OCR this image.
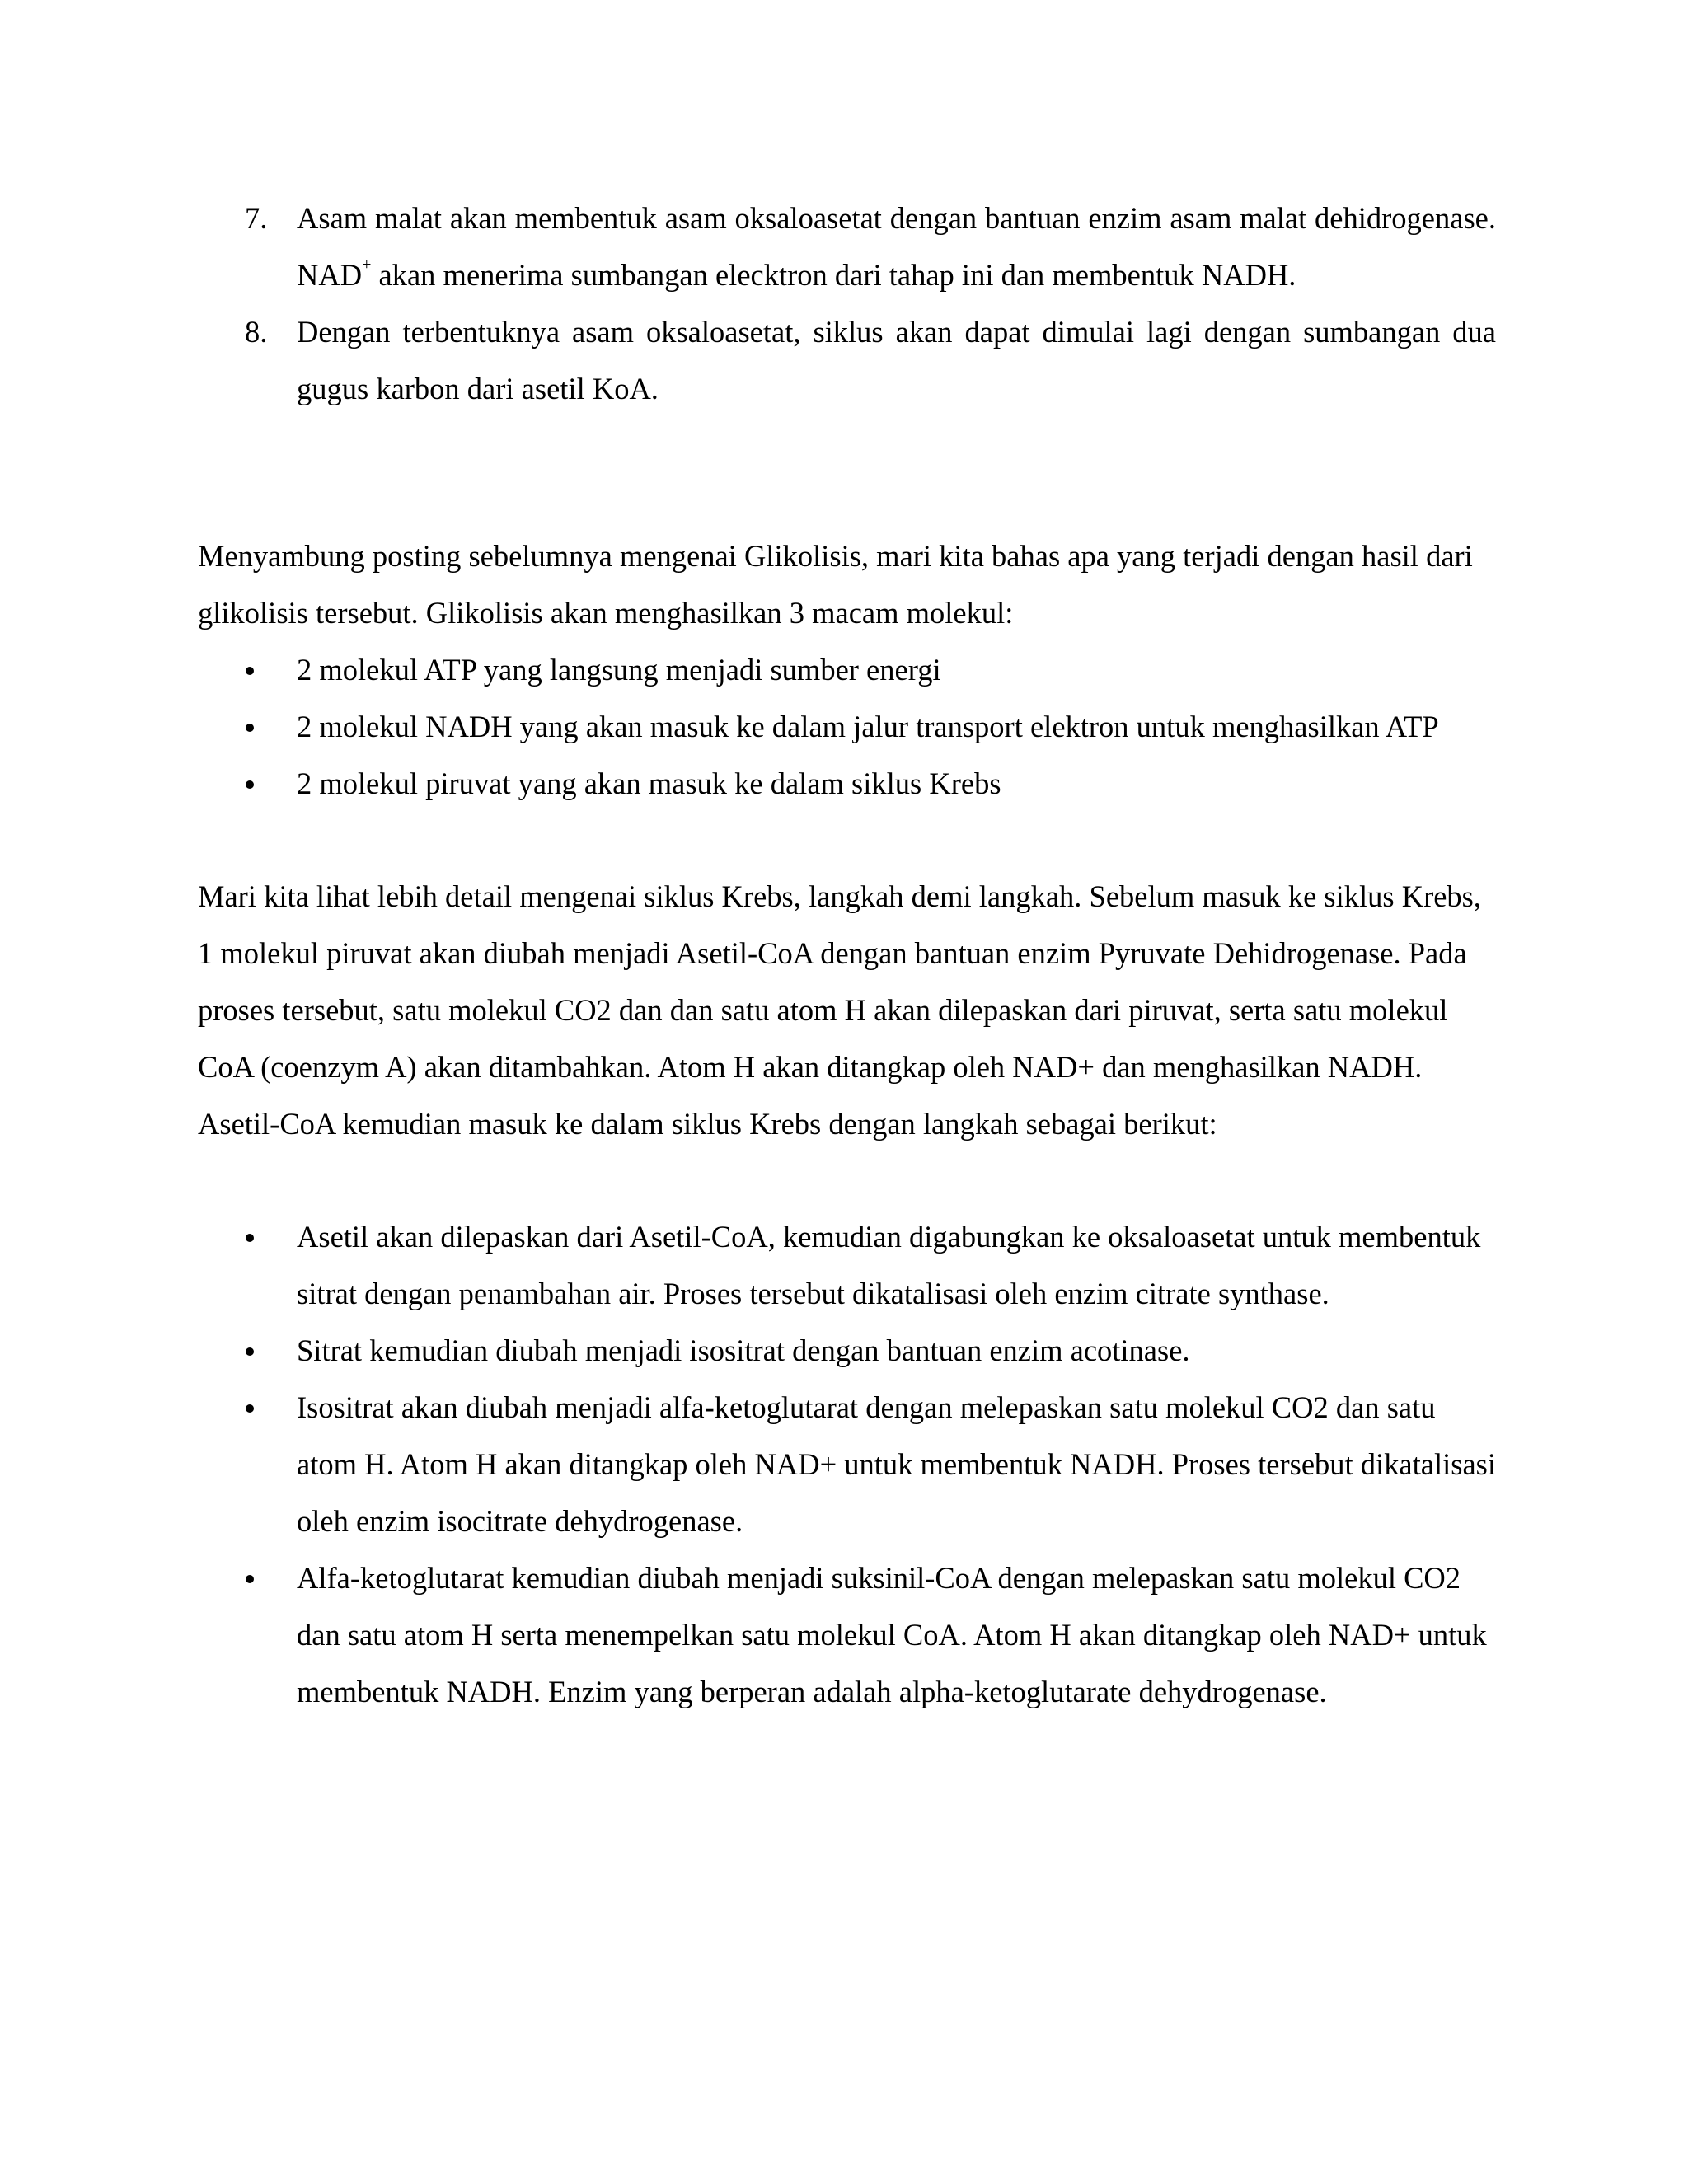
7. Asam malat akan membentuk asam oksaloasetat dengan bantuan enzim asam malat dehidrogenase. NAD+ akan menerima sumbangan elecktron dari tahap ini dan membentuk NADH.
8. Dengan terbentuknya asam oksaloasetat, siklus akan dapat dimulai lagi dengan sumbangan dua gugus karbon dari asetil KoA.

Menyambung posting sebelumnya mengenai Glikolisis, mari kita bahas apa yang terjadi dengan hasil dari glikolisis tersebut. Glikolisis akan menghasilkan 3 macam molekul:

2 molekul ATP yang langsung menjadi sumber energi
2 molekul NADH yang akan masuk ke dalam jalur transport elektron untuk menghasilkan ATP
2 molekul piruvat yang akan masuk ke dalam siklus Krebs

Mari kita lihat lebih detail mengenai siklus Krebs, langkah demi langkah. Sebelum masuk ke siklus Krebs, 1 molekul piruvat akan diubah menjadi Asetil-CoA dengan bantuan enzim Pyruvate Dehidrogenase. Pada proses tersebut, satu molekul CO2 dan dan satu atom H akan dilepaskan dari piruvat, serta satu molekul CoA (coenzym A) akan ditambahkan. Atom H akan ditangkap oleh NAD+ dan menghasilkan NADH. Asetil-CoA kemudian masuk ke dalam siklus Krebs dengan langkah sebagai berikut:

Asetil akan dilepaskan dari Asetil-CoA, kemudian digabungkan ke oksaloasetat untuk membentuk sitrat dengan penambahan air. Proses tersebut dikatalisasi oleh enzim citrate synthase.
Sitrat kemudian diubah menjadi isositrat dengan bantuan enzim acotinase.
Isositrat akan diubah menjadi alfa-ketoglutarat dengan melepaskan satu molekul CO2 dan satu atom H. Atom H akan ditangkap oleh NAD+ untuk membentuk NADH. Proses tersebut dikatalisasi oleh enzim isocitrate dehydrogenase.
Alfa-ketoglutarat kemudian diubah menjadi suksinil-CoA dengan melepaskan satu molekul CO2 dan satu atom H serta menempelkan satu molekul CoA. Atom H akan ditangkap oleh NAD+ untuk membentuk NADH. Enzim yang berperan adalah alpha-ketoglutarate dehydrogenase.
